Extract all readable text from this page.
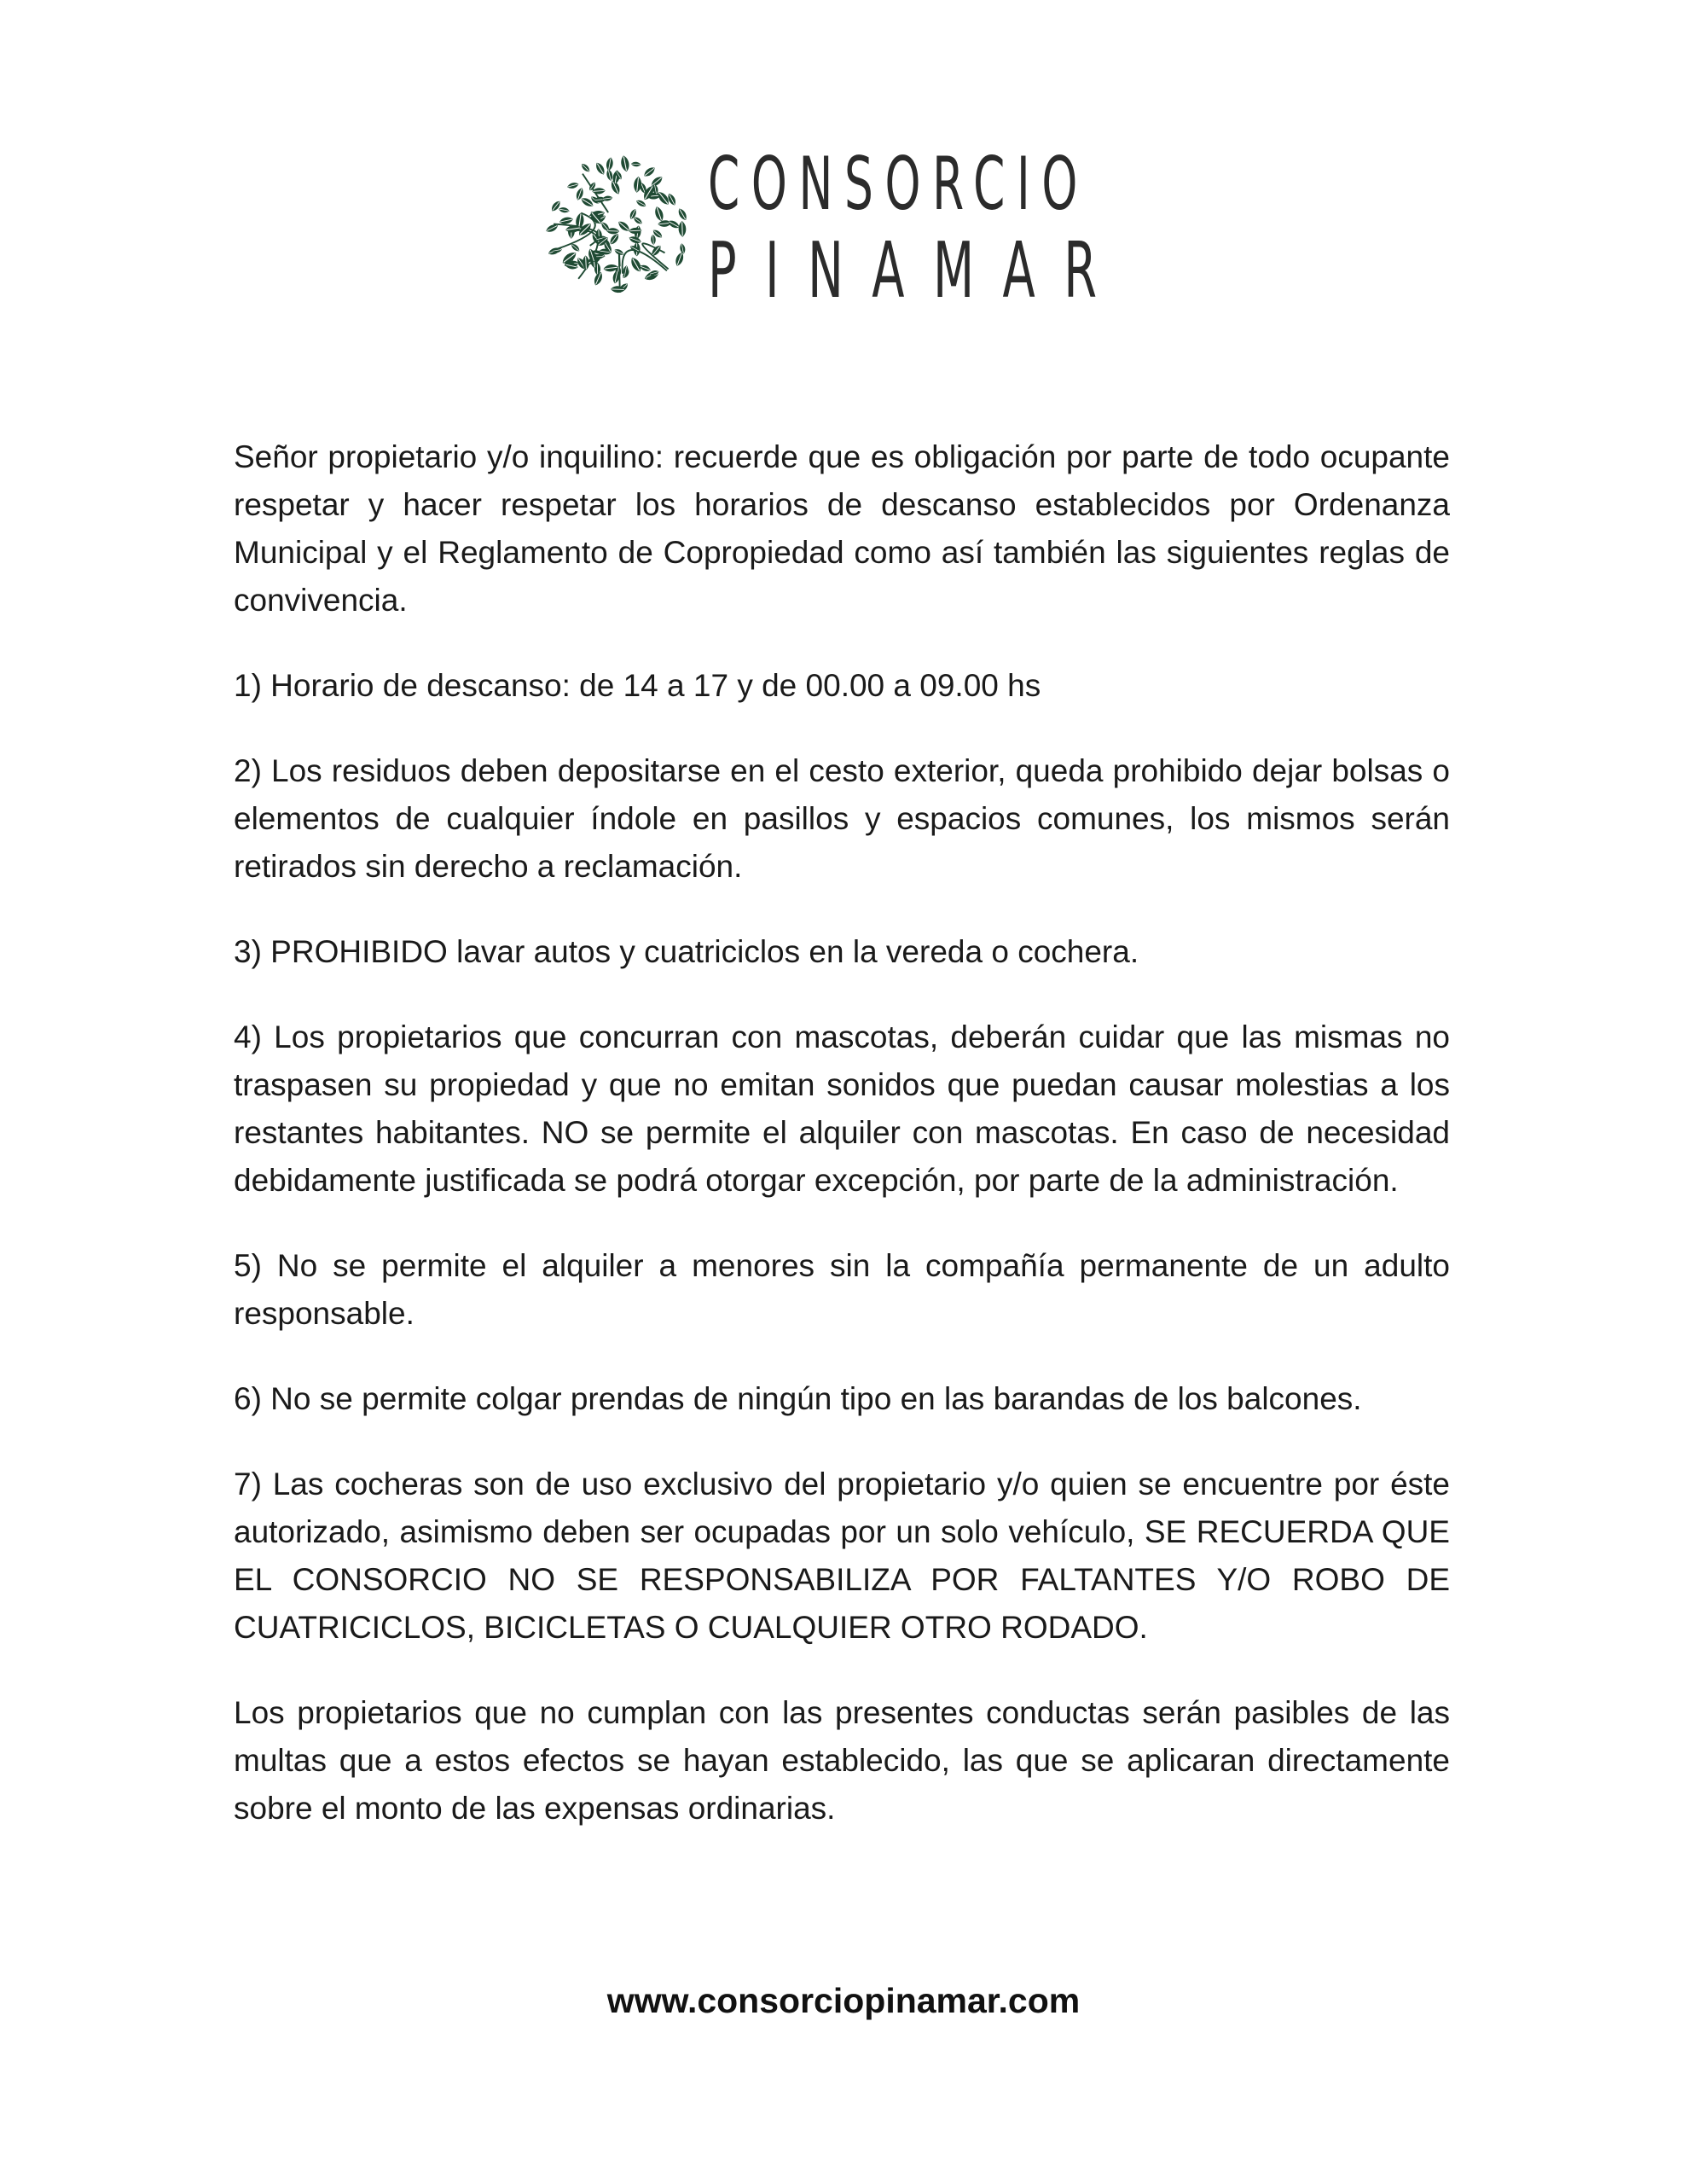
CONSORCIO
PINAMAR

Señor propietario y/o inquilino: recuerde que es obligación por parte de todo ocupante respetar y hacer respetar los horarios de descanso establecidos por Ordenanza Municipal y el Reglamento de Copropiedad como así también las siguientes reglas de convivencia.

1) Horario de descanso: de 14 a 17 y de 00.00 a 09.00 hs

2) Los residuos deben depositarse en el cesto exterior, queda prohibido dejar bolsas o elementos de cualquier índole en pasillos y espacios comunes, los mismos serán retirados sin derecho a reclamación.

3) PROHIBIDO lavar autos y cuatriciclos en la vereda o cochera.

4) Los propietarios que concurran con mascotas, deberán cuidar que las mismas no traspasen su propiedad y que no emitan sonidos que puedan causar molestias a los restantes habitantes. NO se permite el alquiler con mascotas. En caso de necesidad debidamente justificada se podrá otorgar excepción, por parte de la administración.

5) No se permite el alquiler a menores sin la compañía permanente de un adulto responsable.

6) No se permite colgar prendas de ningún tipo en las barandas de los balcones.

7) Las cocheras son de uso exclusivo del propietario y/o quien se encuentre por éste autorizado, asimismo deben ser ocupadas por un solo vehículo, SE RECUERDA QUE EL CONSORCIO NO SE RESPONSABILIZA POR FALTANTES Y/O ROBO DE CUATRICICLOS, BICICLETAS O CUALQUIER OTRO RODADO.

Los propietarios que no cumplan con las presentes conductas serán pasibles de las multas que a estos efectos se hayan establecido, las que se aplicaran directamente sobre el monto de las expensas ordinarias.

www.consorciopinamar.com
